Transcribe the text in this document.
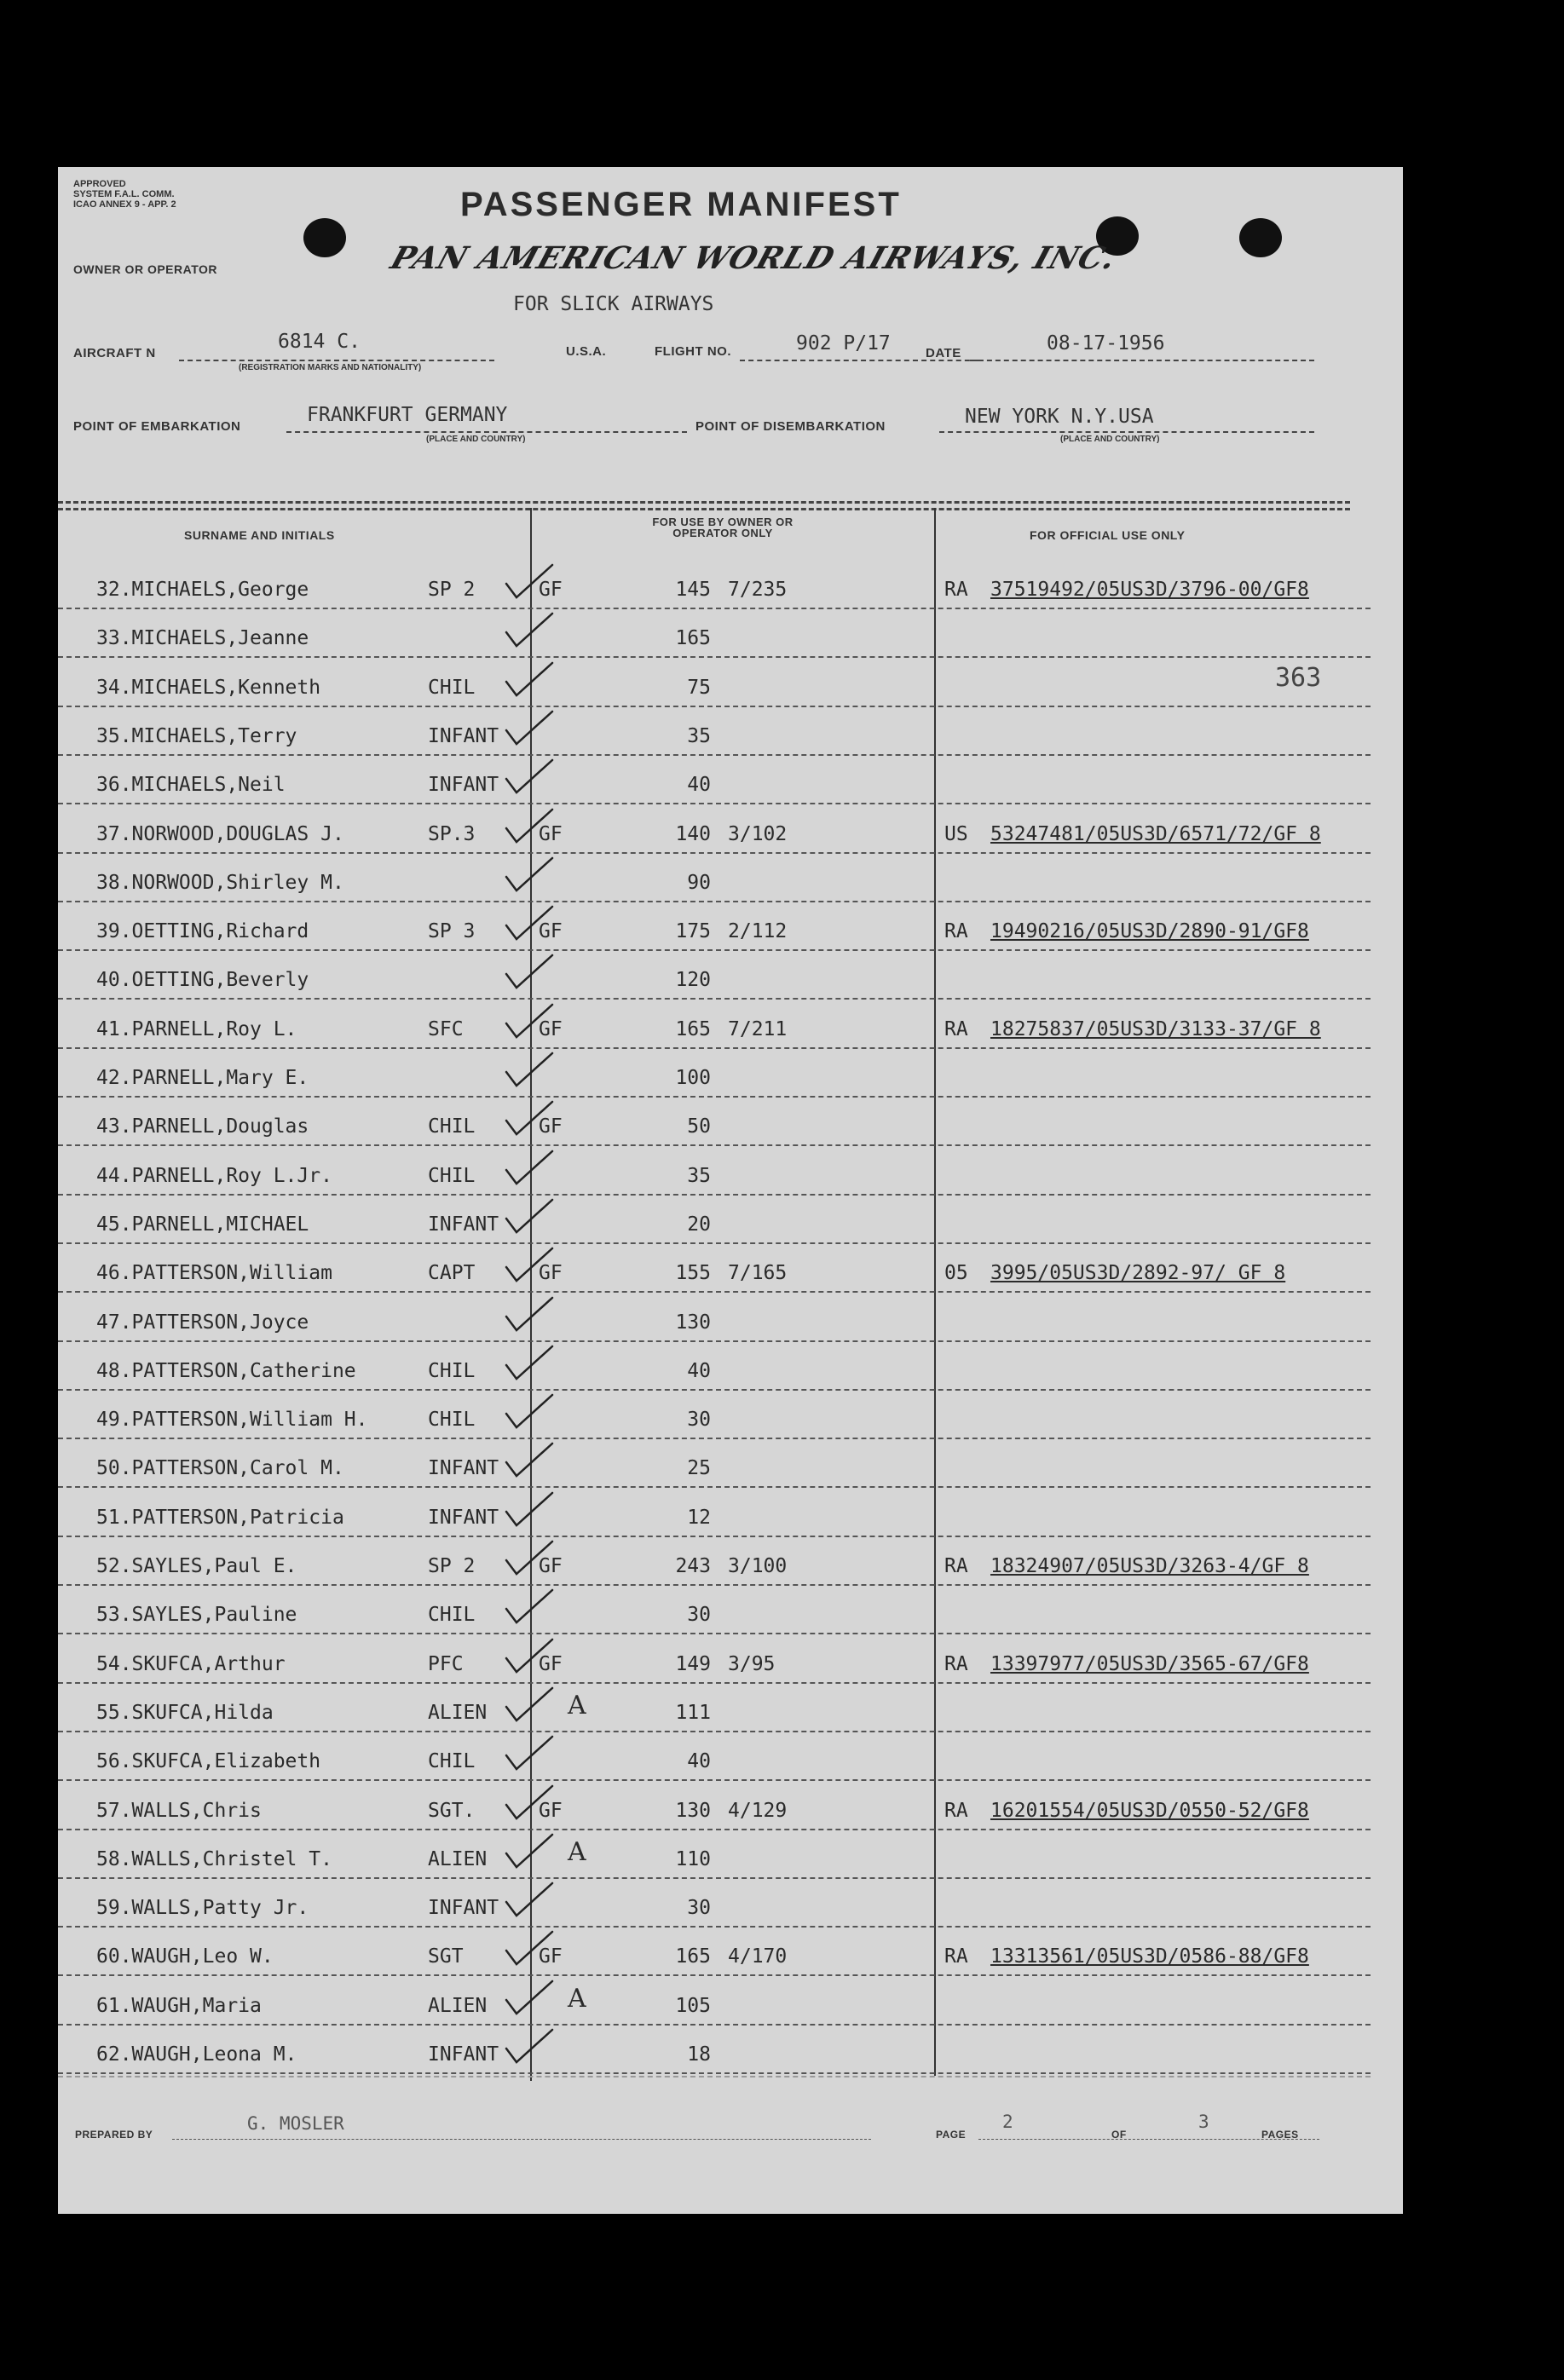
APPROVED
SYSTEM F.A.L. COMM.
ICAO ANNEX 9 - APP. 2	PASSENGER MANIFEST
OWNER OR OPERATOR	PAN AMERICAN WORLD AIRWAYS, INC.
FOR SLICK AIRWAYS
AIRCRAFT N
6814 C.
(REGISTRATION MARKS AND NATIONALITY)
U.S.A.	FLIGHT NO.	902 P/17	DATE	08-17-1956
POINT OF EMBARKATION
FRANKFURT GERMANY
(PLACE AND COUNTRY)
POINT OF DISEMBARKATION	NEW YORK N.Y.USA
(PLACE AND COUNTRY)
SURNAME AND INITIALS
FOR USE BY OWNER OR OPERATOR ONLY	FOR OFFICIAL USE ONLY
363
32.MICHAELS,George	SP 2	GF	145 7/235	RA	37519492/05US3D/3796-00/GF8
33.MICHAELS,Jeanne	165
34.MICHAELS,Kenneth	CHIL	75
35.MICHAELS,Terry	INFANT	35
36.MICHAELS,Neil	INFANT	40
37.NORWOOD,DOUGLAS J.	SP.3	GF	140 3/102	US	53247481/05US3D/6571/72/GF 8
38.NORWOOD,Shirley M.	90
39.OETTING,Richard	SP 3	GF	175 2/112	RA	19490216/05US3D/2890-91/GF8
40.OETTING,Beverly	120
41.PARNELL,Roy L.	SFC	GF	165 7/211	RA	18275837/05US3D/3133-37/GF 8
42.PARNELL,Mary E.	100
43.PARNELL,Douglas	CHIL	GF	50
44.PARNELL,Roy L.Jr.	CHIL	35
45.PARNELL,MICHAEL	INFANT	20
46.PATTERSON,William	CAPT	GF	155 7/165	05	3995/05US3D/2892-97/ GF 8
47.PATTERSON,Joyce	130
48.PATTERSON,Catherine	CHIL	40
49.PATTERSON,William H.	CHIL	30
50.PATTERSON,Carol M.	INFANT	25
51.PATTERSON,Patricia	INFANT	12
52.SAYLES,Paul E.	SP 2	GF	243 3/100	RA	18324907/05US3D/3263-4/GF 8
53.SAYLES,Pauline	CHIL	30
54.SKUFCA,Arthur	PFC	GF	149 3/95	RA	13397977/05US3D/3565-67/GF8
55.SKUFCA,Hilda	ALIEN	A	111
56.SKUFCA,Elizabeth	CHIL	40
57.WALLS,Chris	SGT.	GF	130 4/129	RA	16201554/05US3D/0550-52/GF8
58.WALLS,Christel T.	ALIEN	A	110
59.WALLS,Patty Jr.	INFANT	30
60.WAUGH,Leo W.	SGT	GF	165 4/170	RA	13313561/05US3D/0586-88/GF8
61.WAUGH,Maria	ALIEN	A	105
62.WAUGH,Leona M.	INFANT	18
PREPARED BY
G. MOSLER
PAGE
2
OF
3
PAGES
